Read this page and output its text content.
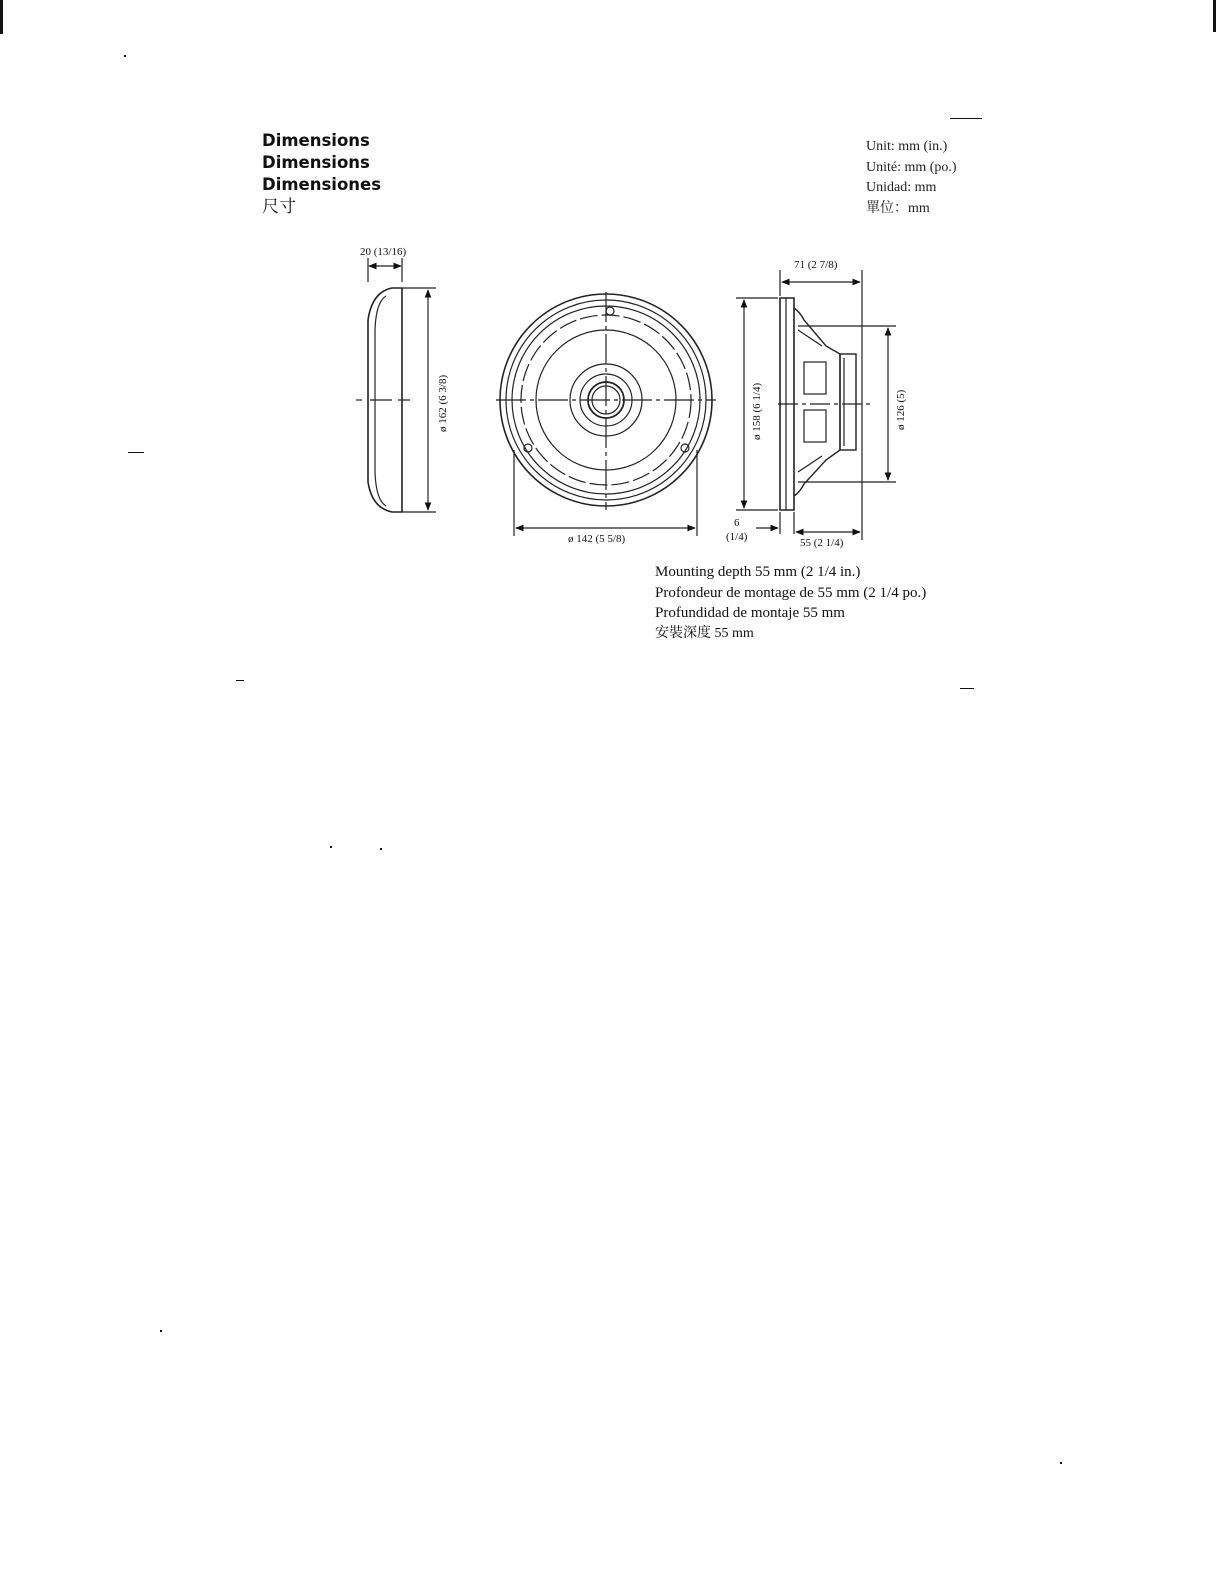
Dimensions
Dimensions
Dimensiones
尺寸
Unit: mm (in.)
Unité: mm (po.)
Unidad: mm
單位：mm
20 (13/16)
ø 162 (6 3/8)
ø 142 (5 5/8)
71 (2 7/8)
ø 158 (6 1/4)	ø 126 (5)
6
(1/4)	55 (2 1/4)
Mounting depth 55 mm (2 1/4 in.)
Profondeur de montage de 55 mm (2 1/4 po.)
Profundidad de montaje 55 mm
安裝深度 55 mm
